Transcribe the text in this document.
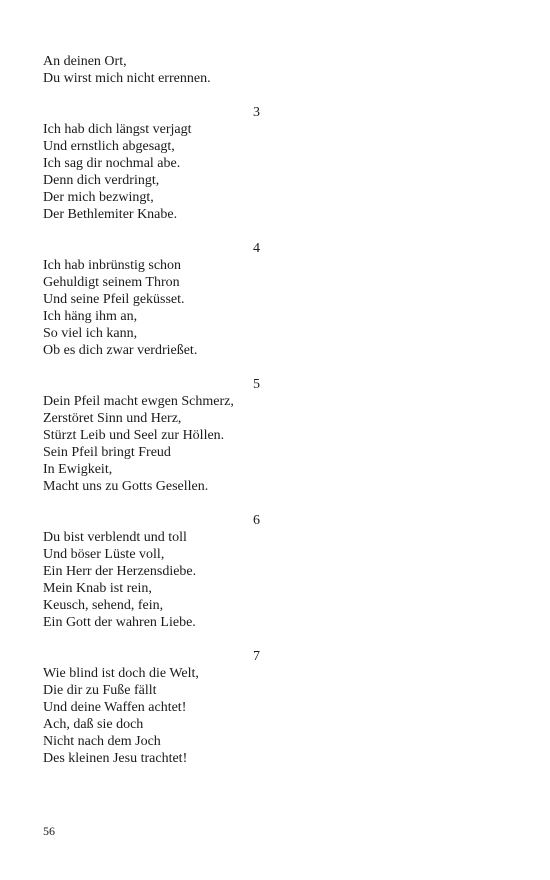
An deinen Ort,
Du wirst mich nicht errennen.
3
Ich hab dich längst verjagt
Und ernstlich abgesagt,
Ich sag dir nochmal abe.
Denn dich verdringt,
Der mich bezwingt,
Der Bethlemiter Knabe.
4
Ich hab inbrünstig schon
Gehuldigt seinem Thron
Und seine Pfeil geküsset.
Ich häng ihm an,
So viel ich kann,
Ob es dich zwar verdrießet.
5
Dein Pfeil macht ewgen Schmerz,
Zerstöret Sinn und Herz,
Stürzt Leib und Seel zur Höllen.
Sein Pfeil bringt Freud
In Ewigkeit,
Macht uns zu Gotts Gesellen.
6
Du bist verblendt und toll
Und böser Lüste voll,
Ein Herr der Herzensdiebe.
Mein Knab ist rein,
Keusch, sehend, fein,
Ein Gott der wahren Liebe.
7
Wie blind ist doch die Welt,
Die dir zu Fuße fällt
Und deine Waffen achtet!
Ach, daß sie doch
Nicht nach dem Joch
Des kleinen Jesu trachtet!
56
